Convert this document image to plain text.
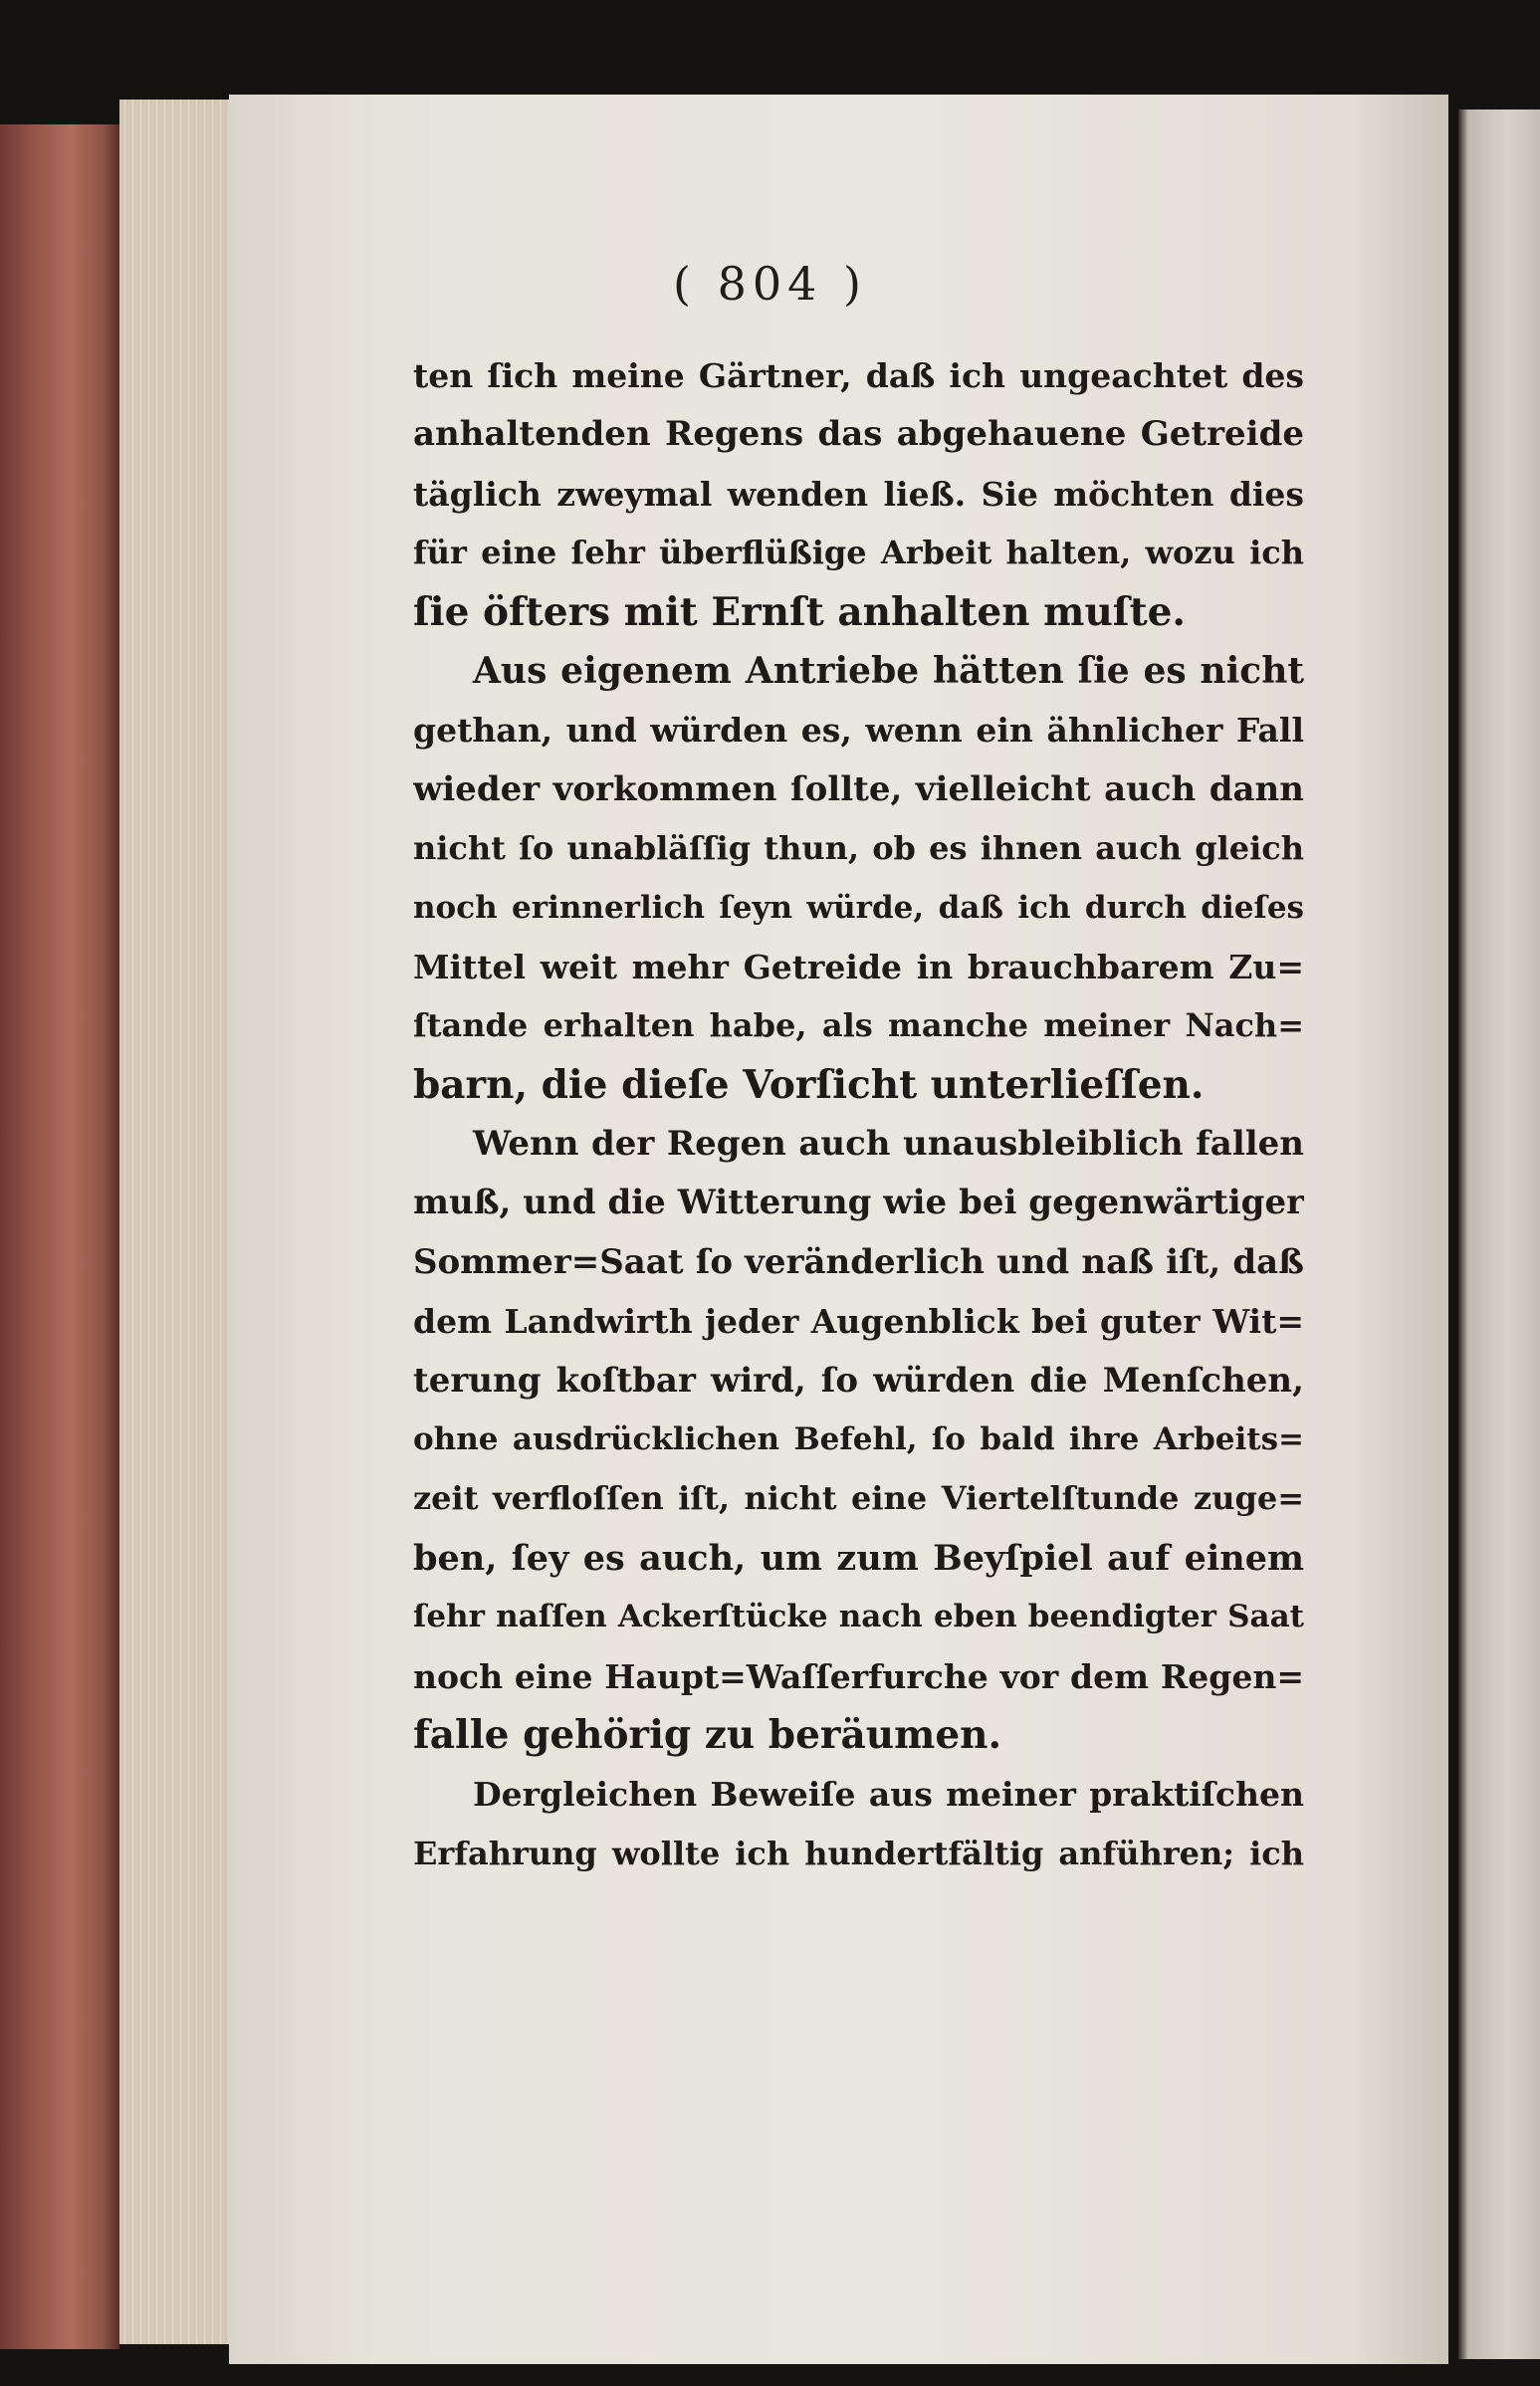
( 804 )
ten ſich meine Gärtner, daß ich ungeachtet des
anhaltenden Regens das abgehauene Getreide
täglich zweymal wenden ließ. Sie möchten dies
für eine ſehr überflüßige Arbeit halten, wozu ich
ſie öfters mit Ernſt anhalten muſte.
Aus eigenem Antriebe hätten ſie es nicht
gethan, und würden es, wenn ein ähnlicher Fall
wieder vorkommen ſollte, vielleicht auch dann
nicht ſo unabläſſig thun, ob es ihnen auch gleich
noch erinnerlich ſeyn würde, daß ich durch dieſes
Mittel weit mehr Getreide in brauchbarem Zu=
ſtande erhalten habe, als manche meiner Nach=
barn, die dieſe Vorſicht unterlieſſen.
Wenn der Regen auch unausbleiblich fallen
muß, und die Witterung wie bei gegenwärtiger
Sommer=Saat ſo veränderlich und naß iſt, daß
dem Landwirth jeder Augenblick bei guter Wit=
terung koſtbar wird, ſo würden die Menſchen,
ohne ausdrücklichen Befehl, ſo bald ihre Arbeits=
zeit verfloſſen iſt, nicht eine Viertelſtunde zuge=
ben, ſey es auch, um zum Beyſpiel auf einem
ſehr naſſen Ackerſtücke nach eben beendigter Saat
noch eine Haupt=Waſſerfurche vor dem Regen=
falle gehörig zu beräumen.
Dergleichen Beweiſe aus meiner praktiſchen
Erfahrung wollte ich hundertfältig anführen; ich
